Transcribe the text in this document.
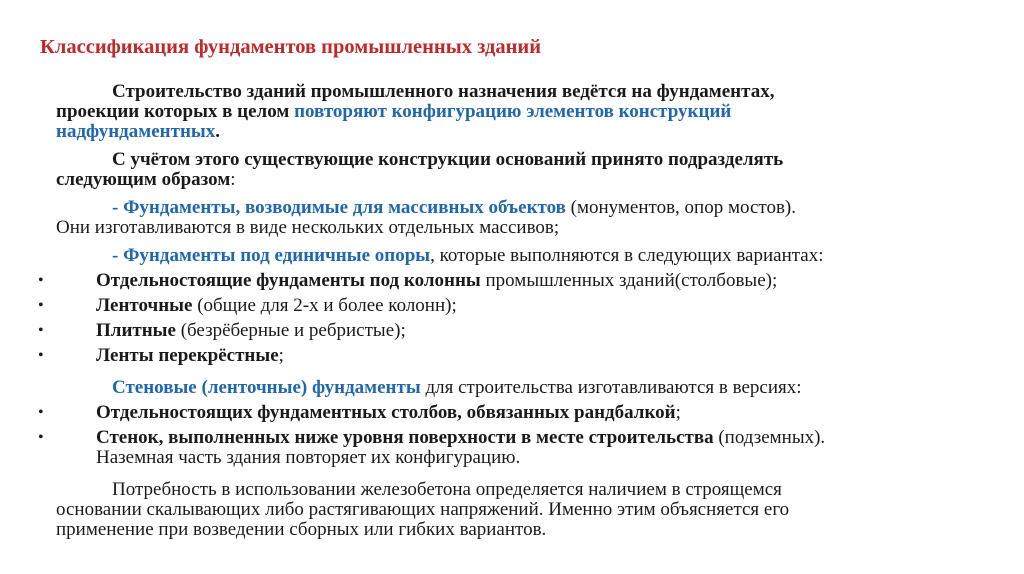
Классификация фундаментов промышленных зданий
Строительство зданий промышленного назначения ведётся на фундаментах,
проекции которых в целом повторяют конфигурацию элементов конструкций
надфундаментных.
С учётом этого существующие конструкции оснований принято подразделять
следующим образом:
- Фундаменты, возводимые для массивных объектов (монументов, опор мостов).
Они изготавливаются в виде нескольких отдельных массивов;
- Фундаменты под единичные опоры, которые выполняются в следующих вариантах:
•	Отдельностоящие фундаменты под колонны промышленных зданий(столбовые);
•	Ленточные (общие для 2-х и более колонн);
•	Плитные (безрёберные и ребристые);
•	Ленты перекрёстные;
Стеновые (ленточные) фундаменты для строительства изготавливаются в версиях:
•	Отдельностоящих фундаментных столбов, обвязанных рандбалкой;
•	Стенок, выполненных ниже уровня поверхности в месте строительства (подземных).
Наземная часть здания повторяет их конфигурацию.
Потребность в использовании железобетона определяется наличием в строящемся
основании скалывающих либо растягивающих напряжений. Именно этим объясняется его
применение при возведении сборных или гибких вариантов.
